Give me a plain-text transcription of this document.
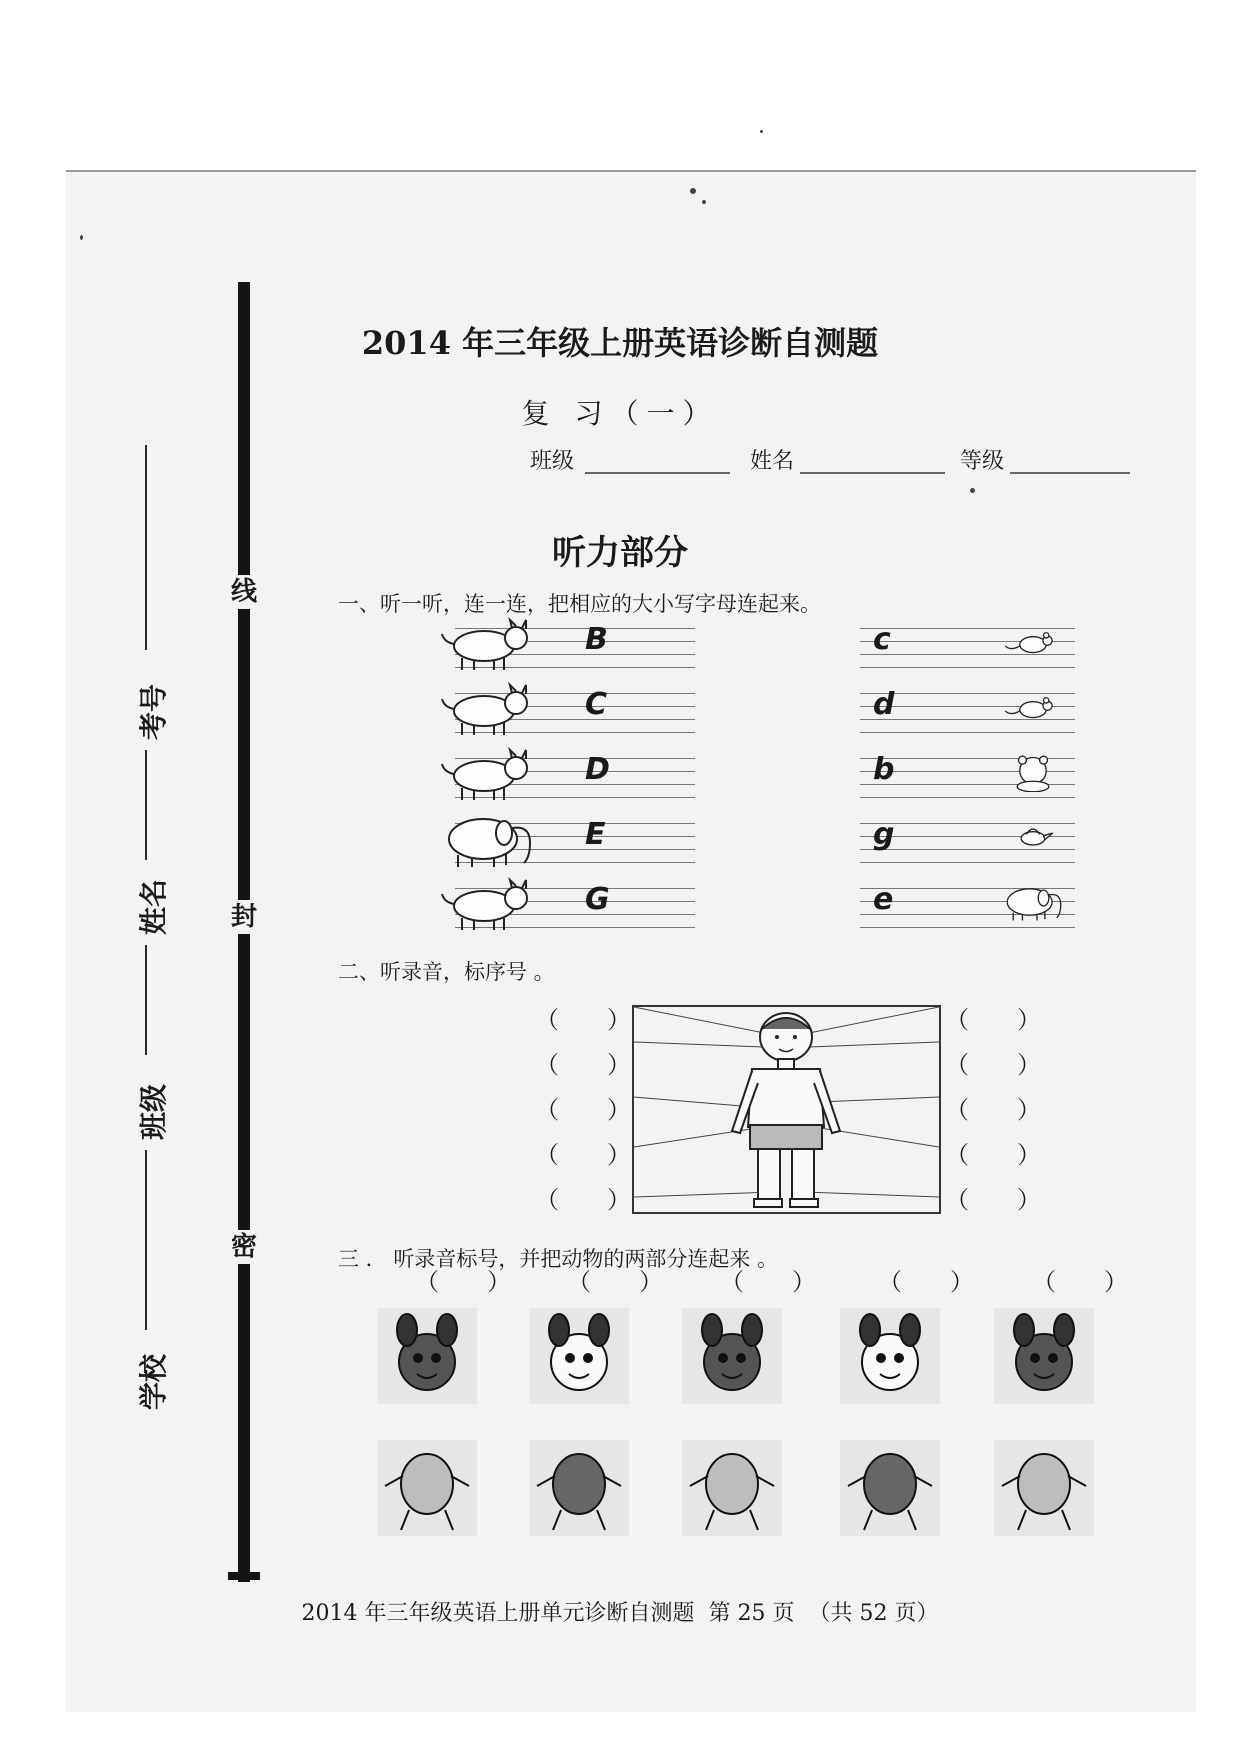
线
封
密
考号
姓名
班级
学校
2014 年三年级上册英语诊断自测题
复 习（一）
班级	姓名	等级
听力部分
一、听一听，连一连，把相应的大小写字母连起来。
B
C
D
E
G
c
d
b
g
e
二、听录音，标序号 。
（　　）	（　　）
（　　）	（　　）
（　　）	（　　）
（　　）	（　　）
（　　）	（　　）
三 ． 听录音标号，并把动物的两部分连起来 。
（　　） （　　） （　　）	（　　） （　　）
2014 年三年级英语上册单元诊断自测题 第 25 页 （共 52 页）
